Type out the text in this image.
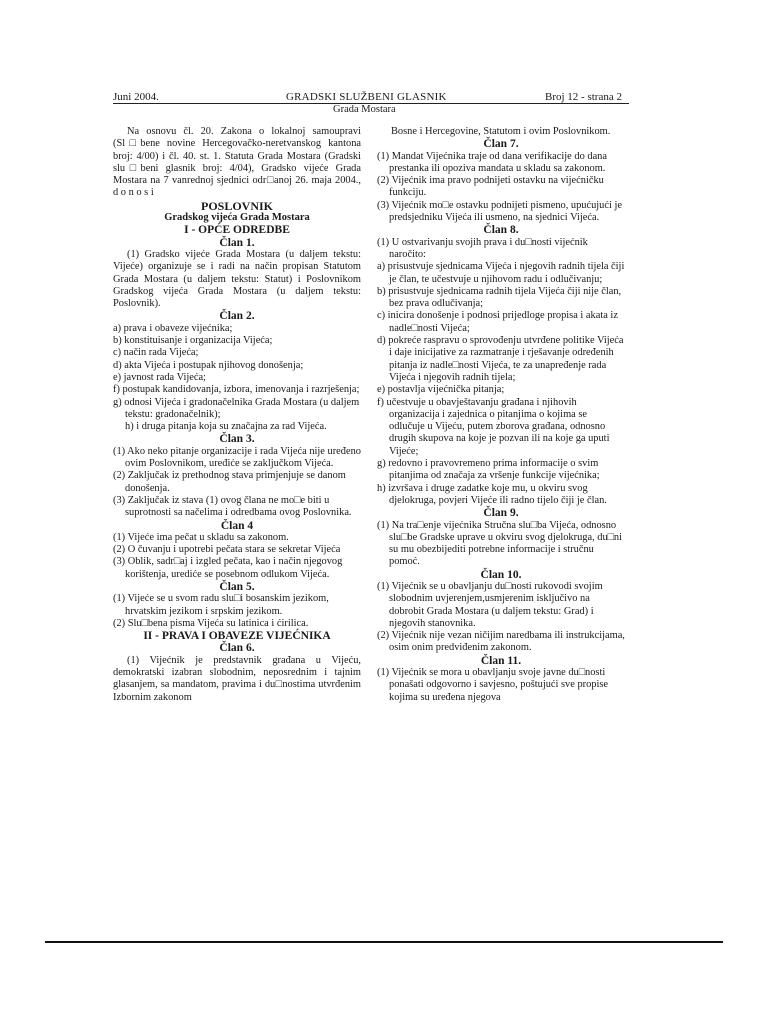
Juni 2004.	GRADSKI SLUŽBENI GLASNIK	Broj 12 - strana 2
Grada Mostara

Na osnovu čl. 20. Zakona o lokalnoj samoupravi (Sl□bene novine Hercegovačko-neretvanskog kantona broj: 4/00) i čl. 40. st. 1. Statuta Grada Mostara (Gradski slu□beni glasnik broj: 4/04), Gradsko vijeće Grada Mostara na 7 vanrednoj sjednici odr□anoj 26. maja 2004., d o n o s i

POSLOVNIK

Gradskog vijeća Grada Mostara

I - OPĆE ODREDBE

Član 1.

(1) Gradsko vijeće Grada Mostara (u daljem tekstu: Vijeće) organizuje se i radi na način propisan Statutom Grada Mostara (u daljem tekstu: Statut) i Poslovnikom Gradskog vijeća Grada Mostara (u daljem tekstu: Poslovnik).

Član 2.

a) prava i obaveze vijećnika;

b) konstituisanje i organizacija Vijeća;

c) način rada Vijeća;

d) akta Vijeća i postupak njihovog donošenja;

e) javnost rada Vijeća;

f) postupak kandidovanja, izbora, imenovanja i razrješenja;

g) odnosi Vijeća i gradonačelnika Grada Mostara (u daljem tekstu: gradonačelnik);

h) i druga pitanja koja su značajna za rad Vijeća.

Član 3.

(1) Ako neko pitanje organizacije i rada Vijeća nije uređeno ovim Poslovnikom, uređiće se zaključkom Vijeća.

(2) Zaključak iz prethodnog stava primjenjuje se danom donošenja.

(3) Zaključak iz stava (1) ovog člana ne mo□e biti u suprotnosti sa načelima i odredbama ovog Poslovnika.

Član 4

(1) Vijeće ima pečat u skladu sa zakonom.

(2) O čuvanju i upotrebi pečata stara se sekretar Vijeća

(3) Oblik, sadr□aj i izgled pečata, kao i način njegovog korištenja, urediće se posebnom odlukom Vijeća.

Član 5.

(1) Vijeće se u svom radu slu□i bosanskim jezikom, hrvatskim jezikom i srpskim jezikom.

(2) Slu□bena pisma Vijeća su latinica i ćirilica.

II - PRAVA I OBAVEZE VIJEĆNIKA

Član 6.

(1) Vijećnik je predstavnik građana u Vijeću, demokratski izabran slobodnim, neposrednim i tajnim glasanjem, sa mandatom, pravima i du□nostima utvrđenim Izbornim zakonom

Bosne i Hercegovine, Statutom i ovim Poslovnikom.

Član 7.

(1) Mandat Vijećnika traje od dana verifikacije do dana prestanka ili opoziva mandata u skladu sa zakonom.

(2) Vijećnik ima pravo podnijeti ostavku na vijećničku funkciju.

(3) Vijećnik mo□e ostavku podnijeti pismeno, upućujući je predsjedniku Vijeća ili usmeno, na sjednici Vijeća.

Član 8.

(1) U ostvarivanju svojih prava i du□nosti vijećnik naročito:

a) prisustvuje sjednicama Vijeća i njegovih radnih tijela čiji je član, te učestvuje u njihovom radu i odlučivanju;

b) prisustvuje sjednicama radnih tijela Vijeća čiji nije član, bez prava odlučivanja;

c) inicira donošenje i podnosi prijedloge propisa i akata iz nadle□nosti Vijeća;

d) pokreće raspravu o sprovođenju utvrđene politike Vijeća i daje inicijative za razmatranje i rješavanje određenih pitanja iz nadle□nosti Vijeća, te za unapređenje rada Vijeća i njegovih radnih tijela;

e) postavlja vijećnička pitanja;

f) učestvuje u obavještavanju građana i njihovih organizacija i zajednica o pitanjima o kojima se odlučuje u Vijeću, putem zborova građana, odnosno drugih skupova na koje je pozvan ili na koje ga uputi Vijeće;

g) redovno i pravovremeno prima informacije o svim pitanjima od značaja za vršenje funkcije vijećnika;

h) izvršava i druge zadatke koje mu, u okviru svog djelokruga, povjeri Vijeće ili radno tijelo čiji je član.

Član 9.

(1) Na tra□enje vijećnika Stručna slu□ba Vijeća, odnosno slu□be Gradske uprave u okviru svog djelokruga, du□ni su mu obezbijediti potrebne informacije i stručnu pomoć.

Član 10.

(1) Vijećnik se u obavljanju du□nosti rukovodi svojim slobodnim uvjerenjem,usmjerenim isključivo na dobrobit Grada Mostara (u daljem tekstu: Grad) i njegovih stanovnika.

(2) Vijećnik nije vezan ničijim naredbama ili instrukcijama, osim onim predviđenim zakonom.

Član 11.

(1) Vijećnik se mora u obavljanju svoje javne du□nosti ponašati odgovorno i savjesno, poštujući sve propise kojima su uređena njegova
